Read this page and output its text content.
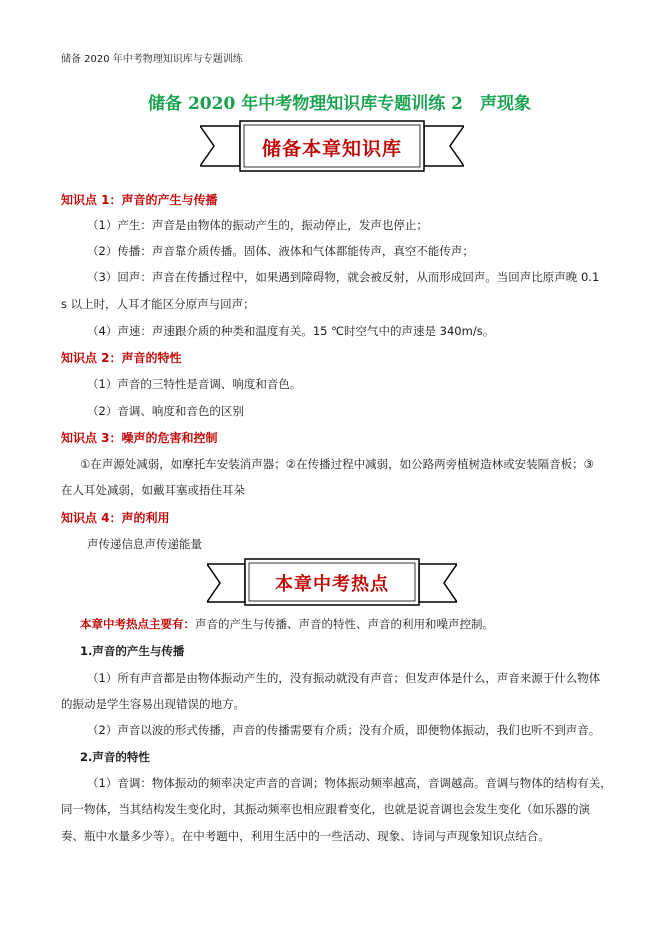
储备 2020 年中考物理知识库与专题训练
储备 2020 年中考物理知识库专题训练 2　声现象
储备本章知识库
知识点 1：声音的产生与传播
（1）产生：声音是由物体的振动产生的，振动停止，发声也停止；
（2）传播：声音靠介质传播。固体、液体和气体都能传声，真空不能传声；
（3）回声：声音在传播过程中，如果遇到障碍物，就会被反射，从而形成回声。当回声比原声晚 0.1
s 以上时，人耳才能区分原声与回声；
（4）声速：声速跟介质的种类和温度有关。15 ℃时空气中的声速是 340m/s。
知识点 2：声音的特性
（1）声音的三特性是音调、响度和音色。
（2）音调、响度和音色的区别
知识点 3：噪声的危害和控制
①在声源处减弱，如摩托车安装消声器；②在传播过程中减弱，如公路两旁植树造林或安装隔音板；③
在人耳处减弱，如戴耳塞或捂住耳朵
知识点 4：声的利用
声传递信息声传递能量
本章中考热点
本章中考热点主要有：声音的产生与传播、声音的特性、声音的利用和噪声控制。
1.声音的产生与传播
（1）所有声音都是由物体振动产生的，没有振动就没有声音；但发声体是什么，声音来源于什么物体
的振动是学生容易出现错误的地方。
（2）声音以波的形式传播，声音的传播需要有介质；没有介质，即便物体振动，我们也听不到声音。
2.声音的特性
（1）音调：物体振动的频率决定声音的音调；物体振动频率越高，音调越高。音调与物体的结构有关，
同一物体，当其结构发生变化时，其振动频率也相应跟着变化，也就是说音调也会发生变化（如乐器的演
奏、瓶中水量多少等）。在中考题中，利用生活中的一些活动、现象、诗词与声现象知识点结合。
